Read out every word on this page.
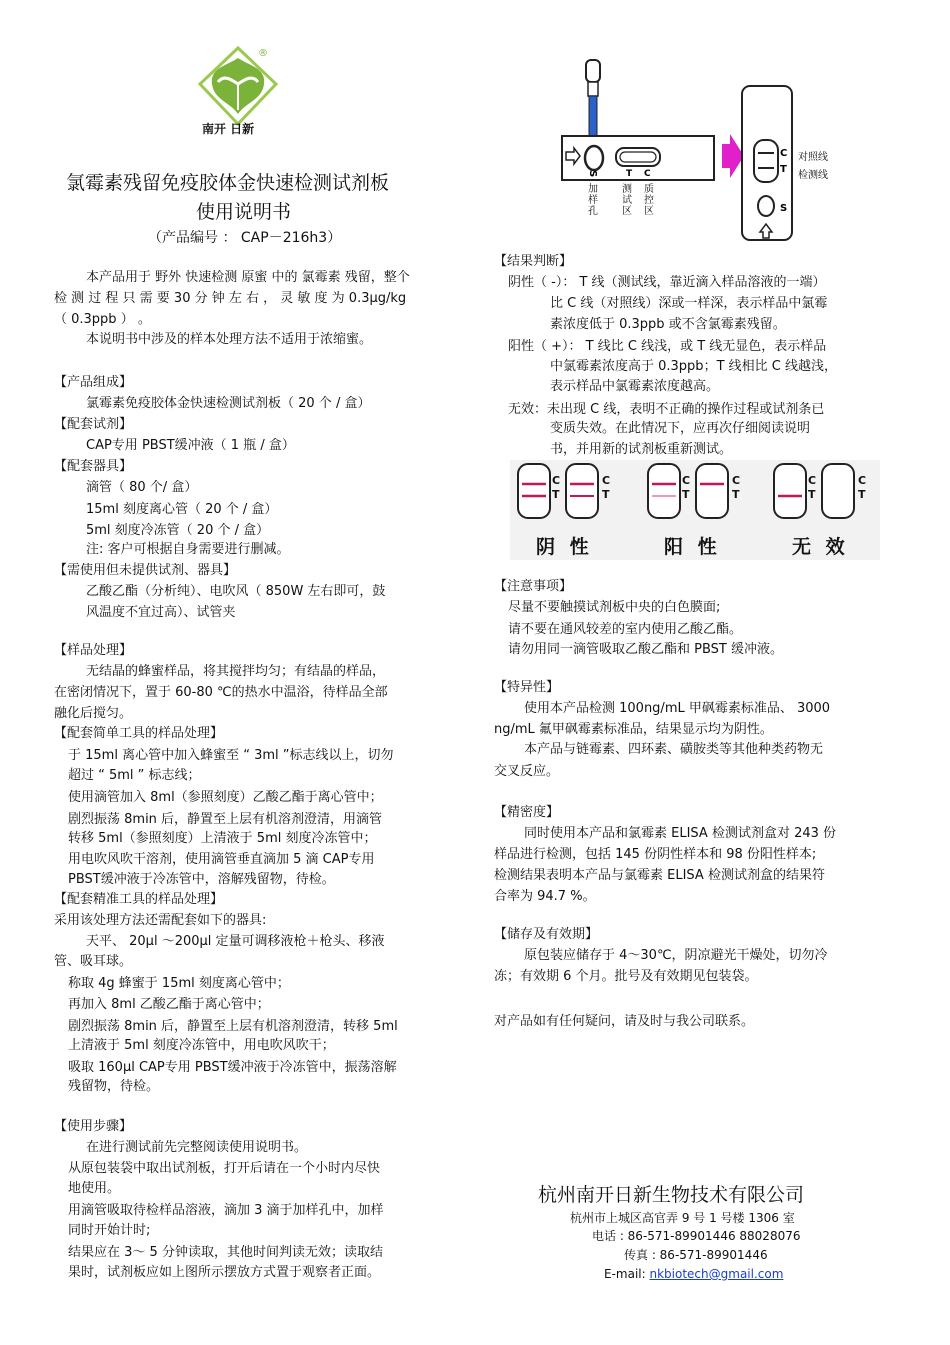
®
南开 日新
氯霉素残留免疫胶体金快速检测试剂板
使用说明书
（产品编号 ： CAP－216h3）
本产品用于 野外 快速检测 原蜜 中的 氯霉素 残留，整个
检 测 过 程 只 需 要 30 分 钟 左 右 ， 灵 敏 度 为 0.3μg/kg
（ 0.3ppb ） 。
本说明书中涉及的样本处理方法不适用于浓缩蜜。
【产品组成】
氯霉素免疫胶体金快速检测试剂板（ 20 个 / 盒）
【配套试剂】
CAP专用 PBST缓冲液（ 1 瓶 / 盒）
【配套器具】
滴管（ 80 个/ 盒）
15ml 刻度离心管（ 20 个 / 盒）
5ml 刻度冷冻管（ 20 个 / 盒）
注: 客户可根据自身需要进行删减。
【需使用但未提供试剂、器具】
乙酸乙酯（分析纯）、电吹风（ 850W 左右即可，鼓
风温度不宜过高）、试管夹
【样品处理】
无结晶的蜂蜜样品，将其搅拌均匀；有结晶的样品，
在密闭情况下，置于 60-80 ℃的热水中温浴，待样品全部
融化后搅匀。
【配套简单工具的样品处理】
于 15ml 离心管中加入蜂蜜至 “ 3ml ”标志线以上，切勿
超过 “ 5ml ” 标志线；
使用滴管加入 8ml（参照刻度）乙酸乙酯于离心管中；
剧烈振荡 8min 后，静置至上层有机溶剂澄清，用滴管
转移 5ml（参照刻度）上清液于 5ml 刻度冷冻管中；
用电吹风吹干溶剂，使用滴管垂直滴加 5 滴 CAP专用
PBST缓冲液于冷冻管中，溶解残留物，待检。
【配套精准工具的样品处理】
采用该处理方法还需配套如下的器具:
天平、 20μl ～200μl 定量可调移液枪＋枪头、移液
管、吸耳球。
称取 4g 蜂蜜于 15ml 刻度离心管中；
再加入 8ml 乙酸乙酯于离心管中；
剧烈振荡 8min 后，静置至上层有机溶剂澄清，转移 5ml
上清液于 5ml 刻度冷冻管中，用电吹风吹干；
吸取 160μl CAP专用 PBST缓冲液于冷冻管中，振荡溶解
残留物，待检。
【使用步骤】
在进行测试前先完整阅读使用说明书。
从原包装袋中取出试剂板，打开后请在一个小时内尽快
地使用。
用滴管吸取待检样品溶液，滴加 3 滴于加样孔中，加样
同时开始计时;
结果应在 3～ 5 分钟读取，其他时间判读无效；读取结
果时，试剂板应如上图所示摆放方式置于观察者正面。
S	T C
C
T
S
对照线
检测线
加样孔
测试区
质控区
【结果判断】
阴性（ -）： T 线（测试线，靠近滴入样品溶液的一端）
比 C 线（对照线）深或一样深，表示样品中氯霉
素浓度低于 0.3ppb 或不含氯霉素残留。
阳性（ +）： T 线比 C 线浅，或 T 线无显色，表示样品
中氯霉素浓度高于 0.3ppb；T 线相比 C 线越浅，
表示样品中氯霉素浓度越高。
无效：未出现 C 线，表明不正确的操作过程或试剂条已
变质失效。在此情况下，应再次仔细阅读说明
书，并用新的试剂板重新测试。
C
T
C
T
C
T
C
T
C
T
C
T
阴 性	阳 性	无 效
【注意事项】
尽量不要触摸试剂板中央的白色膜面;
请不要在通风较差的室内使用乙酸乙酯。
请勿用同一滴管吸取乙酸乙酯和 PBST 缓冲液。
【特异性】
使用本产品检测 100ng/mL 甲砜霉素标准品、 3000
ng/mL 氟甲砜霉素标准品，结果显示均为阴性。
本产品与链霉素、四环素、磺胺类等其他种类药物无
交叉反应。
【精密度】
同时使用本产品和氯霉素 ELISA 检测试剂盒对 243 份
样品进行检测，包括 145 份阴性样本和 98 份阳性样本;
检测结果表明本产品与氯霉素 ELISA 检测试剂盒的结果符
合率为 94.7 %。
【储存及有效期】
原包装应储存于 4～30℃，阴凉避光干燥处，切勿冷
冻；有效期 6 个月。批号及有效期见包装袋。
对产品如有任何疑问，请及时与我公司联系。
杭州南开日新生物技术有限公司
杭州市上城区高官弄 9 号 1 号楼 1306 室
电话 : 86-571-89901446 88028076
传真 : 86-571-89901446
E-mail: nkbiotech@gmail.com
